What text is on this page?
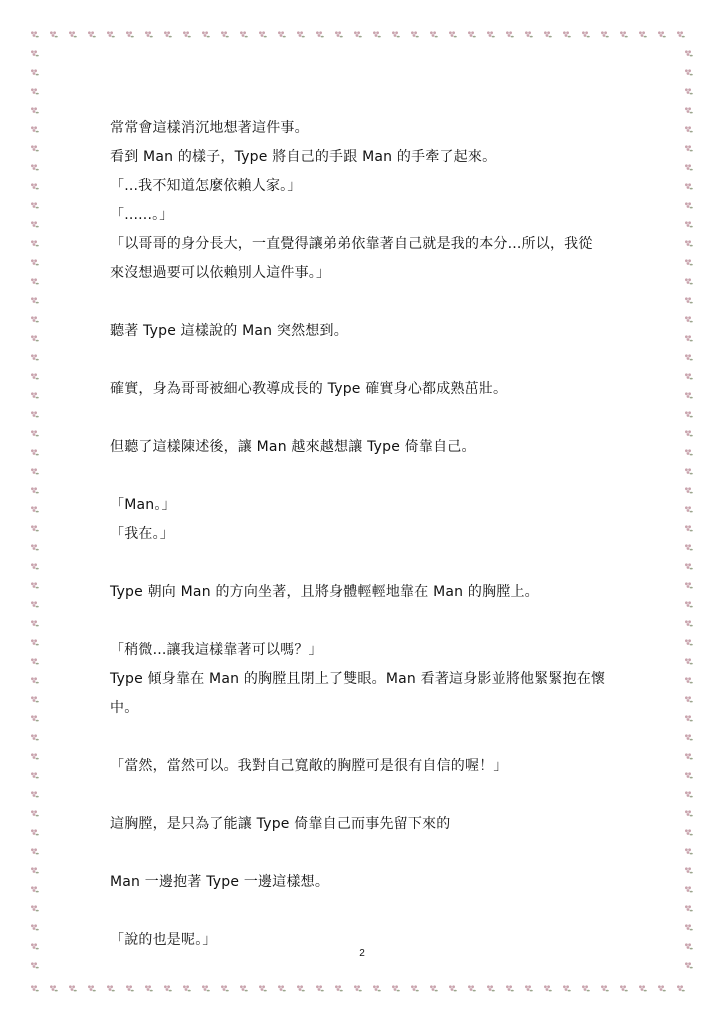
常常會這樣消沉地想著這件事。
看到 Man 的樣子，Type 將自己的手跟 Man 的手牽了起來。
「...我不知道怎麼依賴人家。」
「......。」
「以哥哥的身分長大，一直覺得讓弟弟依靠著自己就是我的本分...所以，我從
來沒想過要可以依賴別人這件事。」
聽著 Type 這樣說的 Man 突然想到。
確實，身為哥哥被細心教導成長的 Type 確實身心都成熟茁壯。
但聽了這樣陳述後，讓 Man 越來越想讓 Type 倚靠自己。
「Man。」
「我在。」
Type 朝向 Man 的方向坐著，且將身體輕輕地靠在 Man 的胸膛上。
「稍微...讓我這樣靠著可以嗎？」
Type 傾身靠在 Man 的胸膛且閉上了雙眼。Man 看著這身影並將他緊緊抱在懷
中。
「當然，當然可以。我對自己寬敞的胸膛可是很有自信的喔！」
這胸膛，是只為了能讓 Type 倚靠自己而事先留下來的
Man 一邊抱著 Type 一邊這樣想。
「說的也是呢。」
2
